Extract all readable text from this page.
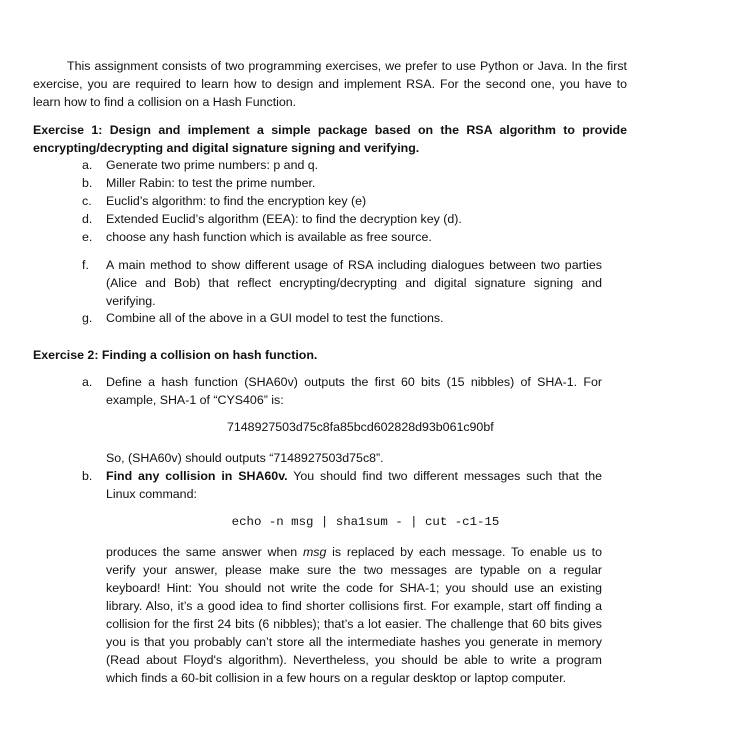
This assignment consists of two programming exercises, we prefer to use Python or Java. In the first exercise, you are required to learn how to design and implement RSA. For the second one, you have to learn how to find a collision on a Hash Function.
Exercise 1: Design and implement a simple package based on the RSA algorithm to provide encrypting/decrypting and digital signature signing and verifying.
a.	Generate two prime numbers: p and q.
b.	Miller Rabin: to test the prime number.
c.	Euclid’s algorithm: to find the encryption key (e)
d.	Extended Euclid’s algorithm (EEA): to find the decryption key (d).
e.	choose any hash function which is available as free source.
f.	A main method to show different usage of RSA including dialogues between two parties (Alice and Bob) that reflect encrypting/decrypting and digital signature signing and verifying.
g.	Combine all of the above in a GUI model to test the functions.
Exercise 2: Finding a collision on hash function.
a.	Define a hash function (SHA60v) outputs the first 60 bits (15 nibbles) of SHA-1. For example, SHA-1 of “CYS406” is:
7148927503d75c8fa85bcd602828d93b061c90bf
So, (SHA60v) should outputs “7148927503d75c8”.
b.	Find any collision in SHA60v. You should find two different messages such that the Linux command:
echo -n msg | sha1sum - | cut -c1-15
produces the same answer when msg is replaced by each message. To enable us to verify your answer, please make sure the two messages are typable on a regular keyboard! Hint: You should not write the code for SHA-1; you should use an existing library. Also, it’s a good idea to find shorter collisions first. For example, start off finding a collision for the first 24 bits (6 nibbles); that’s a lot easier. The challenge that 60 bits gives you is that you probably can’t store all the intermediate hashes you generate in memory (Read about Floyd's algorithm). Nevertheless, you should be able to write a program which finds a 60-bit collision in a few hours on a regular desktop or laptop computer.
